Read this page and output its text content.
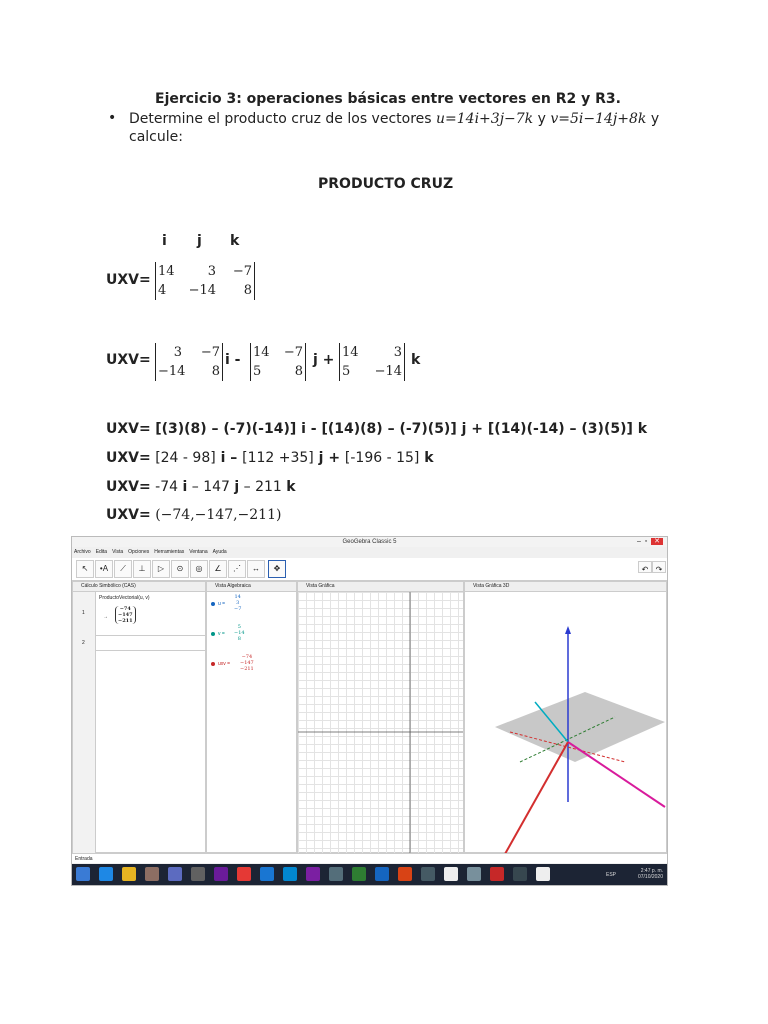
Ejercicio 3: operaciones básicas entre vectores en R2 y R3.
• Determine el producto cruz de los vectores u=14i+3j−7k y v=5i−14j+8k y calcule:
PRODUCTO CRUZ
i j k
UXV=
14	3	−7
4	−14	8
UXV=	3	−7
−14	8
i - 14	−7
5	8
j + 14	3
5	−14
k
UXV= [(3)(8) – (-7)(-14)] i - [(14)(8) – (-7)(5)] j + [(14)(-14) – (3)(5)] k
UXV= [24 - 98] i – [112 +35] j + [-196 - 15] k
UXV= -74 i – 147 j – 211 k
UXV= (−74,−147,−211)
GeoGebra Classic 5	–  ▫  ✕
Archivo Edita Vista Opciones Herramientas Ventana Ayuda
↖	•A	⟋	⊥	▷	⊙	◎	∠	⋰	↔	✥	↶ ↷
Cálculo Simbólico (CAS)
1
2
ProductoVectorial(u, v)
→
−74
−147
−211
Vista Algebraica
u =
14
3
−7
v =
5
−14
8
uxv =
−74
−147
−211
Vista Gráfica	Vista Gráfica 3D
Entrada
ESP
2:47 p. m.
07/10/2020
